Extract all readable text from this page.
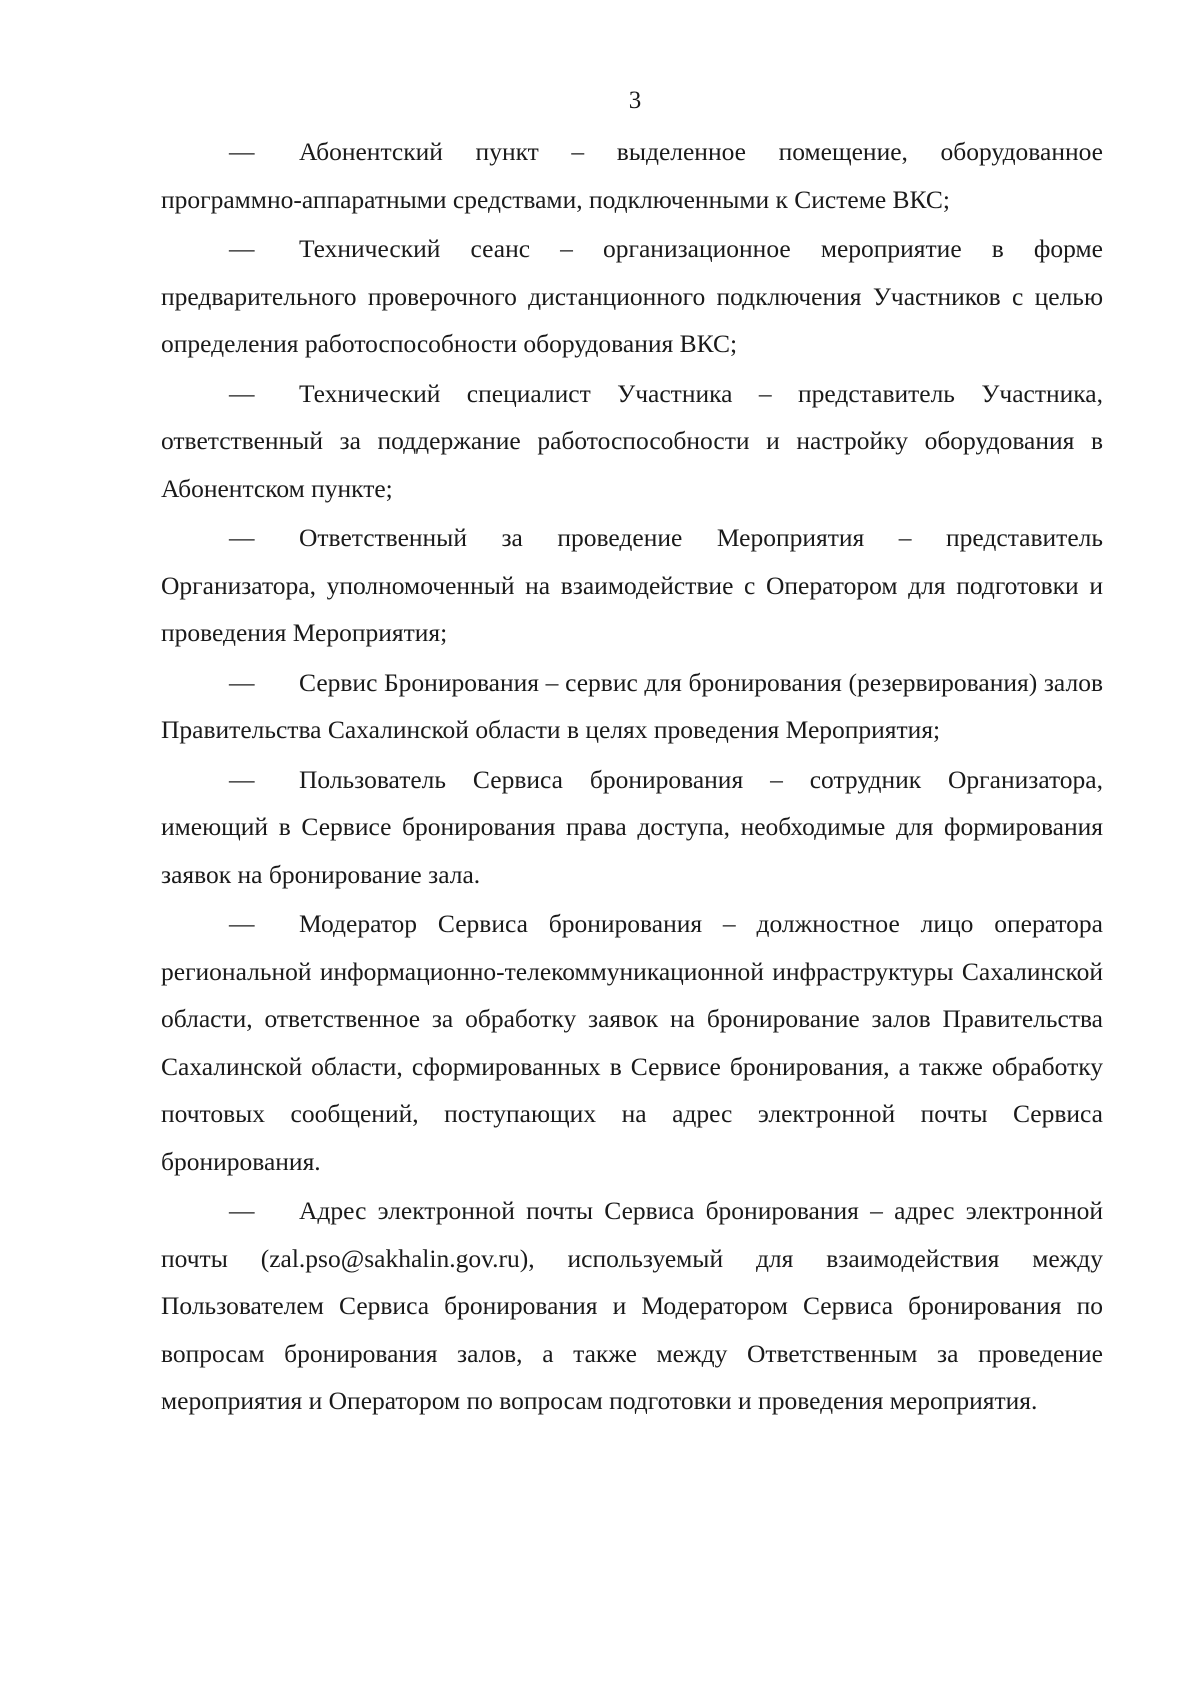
3

— Абонентский пункт – выделенное помещение, оборудованное программно-аппаратными средствами, подключенными к Системе ВКС;

— Технический сеанс – организационное мероприятие в форме предварительного проверочного дистанционного подключения Участников с целью определения работоспособности оборудования ВКС;

— Технический специалист Участника – представитель Участника, ответственный за поддержание работоспособности и настройку оборудования в Абонентском пункте;

— Ответственный за проведение Мероприятия – представитель Организатора, уполномоченный на взаимодействие с Оператором для подготовки и проведения Мероприятия;

— Сервис Бронирования – сервис для бронирования (резервирования) залов Правительства Сахалинской области в целях проведения Мероприятия;

— Пользователь Сервиса бронирования – сотрудник Организатора, имеющий в Сервисе бронирования права доступа, необходимые для формирования заявок на бронирование зала.

— Модератор Сервиса бронирования – должностное лицо оператора региональной информационно-телекоммуникационной инфраструктуры Сахалинской области, ответственное за обработку заявок на бронирование залов Правительства Сахалинской области, сформированных в Сервисе бронирования, а также обработку почтовых сообщений, поступающих на адрес электронной почты Сервиса бронирования.

— Адрес электронной почты Сервиса бронирования – адрес электронной почты (zal.pso@sakhalin.gov.ru), используемый для взаимодействия между Пользователем Сервиса бронирования и Модератором Сервиса бронирования по вопросам бронирования залов, а также между Ответственным за проведение мероприятия и Оператором по вопросам подготовки и проведения мероприятия.
